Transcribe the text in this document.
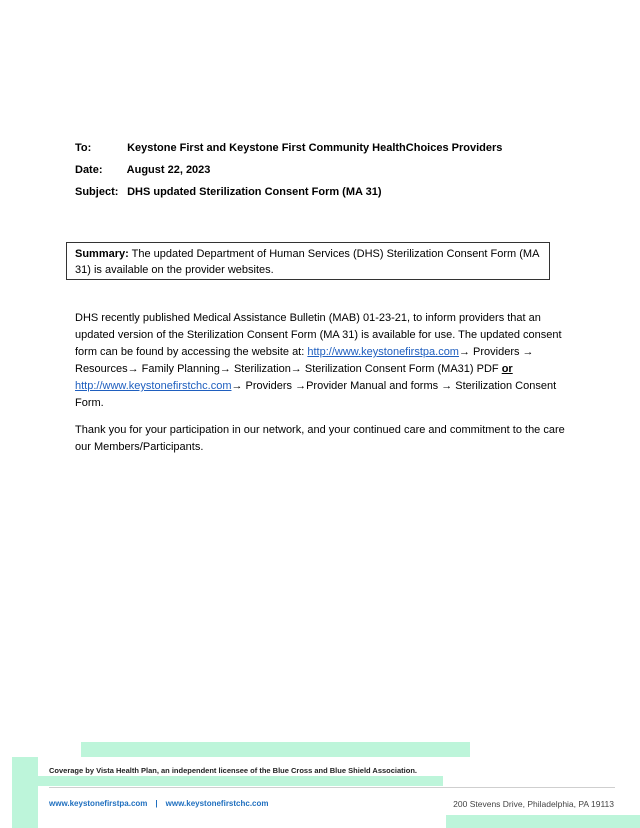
To:	Keystone First and Keystone First Community HealthChoices Providers
Date: August 22, 2023
Subject: DHS updated Sterilization Consent Form (MA 31)
Summary: The updated Department of Human Services (DHS) Sterilization Consent Form (MA 31) is available on the provider websites.
DHS recently published Medical Assistance Bulletin (MAB) 01-23-21, to inform providers that an updated version of the Sterilization Consent Form (MA 31) is available for use. The updated consent form can be found by accessing the website at: http://www.keystonefirstpa.com→ Providers → Resources→ Family Planning→ Sterilization→ Sterilization Consent Form (MA31) PDF or
http://www.keystonefirstchc.com→ Providers →Provider Manual and forms → Sterilization Consent Form.
Thank you for your participation in our network, and your continued care and commitment to the care our Members/Participants.
Coverage by Vista Health Plan, an independent licensee of the Blue Cross and Blue Shield Association.
www.keystonefirstpa.com | www.keystonefirstchc.com	200 Stevens Drive, Philadelphia, PA 19113
